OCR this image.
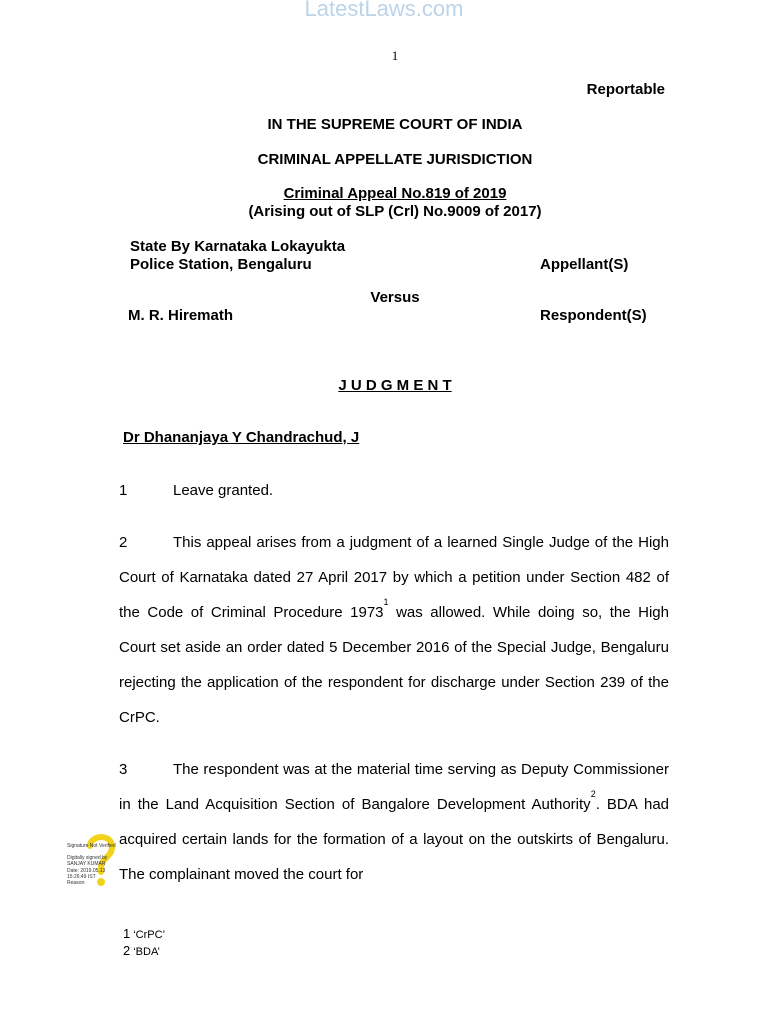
LatestLaws.com
1
Reportable
IN THE SUPREME COURT OF INDIA
CRIMINAL APPELLATE JURISDICTION
Criminal Appeal No.819 of 2019
(Arising out of SLP (Crl) No.9009 of 2017)
State By Karnataka Lokayukta
Police Station, Bengaluru	Appellant(S)
Versus
M. R. Hiremath	Respondent(S)
J U D G M E N T
Dr Dhananjaya Y Chandrachud, J
1	Leave granted.
2	This appeal arises from a judgment of a learned Single Judge of the High Court of Karnataka dated 27 April 2017 by which a petition under Section 482 of the Code of Criminal Procedure 1973$^1$ was allowed. While doing so, the High Court set aside an order dated 5 December 2016 of the Special Judge, Bengaluru rejecting the application of the respondent for discharge under Section 239 of the CrPC.
3	The respondent was at the material time serving as Deputy Commissioner in the Land Acquisition Section of Bangalore Development Authority$^2$. BDA had acquired certain lands for the formation of a layout on the outskirts of Bengaluru. The complainant moved the court for
1 ‘CrPC’
2 ‘BDA’
Signature Not Verified
Digitally signed by
SANJAY KUMAR
Date: 2019.05.13
15:26:49 IST
Reason:
